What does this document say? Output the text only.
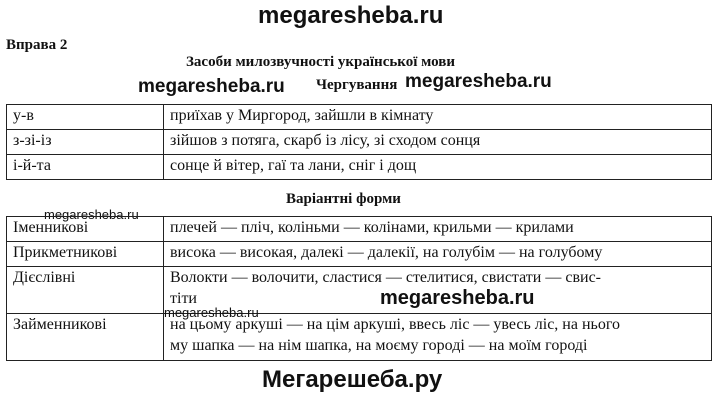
megaresheba.ru
Вправа 2
Засоби милозвучності української мови
Чергування
megaresheba.ru	megaresheba.ru
у-в	приїхав у Миргород, зайшли в кімнату
з-зі-із	зійшов з потяга, скарб із лісу, зі сходом сонця
і-й-та	сонце й вітер, гаї та лани, сніг і дощ
Варіантні форми
megaresheba.ru
Іменникові	плечей — пліч, коліньми — колінами, крильми — крилами

Прикметникові	висока — високая, далекі — далекії, на голубім — на голубому

Дієслівні	Волокти — волочити, сластися — стелитися, свистати — свис-
тіти

Займенникові	на цьому аркуші — на цім аркуші, ввесь ліс — увесь ліс, на нього
му шапка — на нім шапка, на моєму городі — на моїм городі
megaresheba.ru
megaresheba.ru
Мегарешеба.ру
